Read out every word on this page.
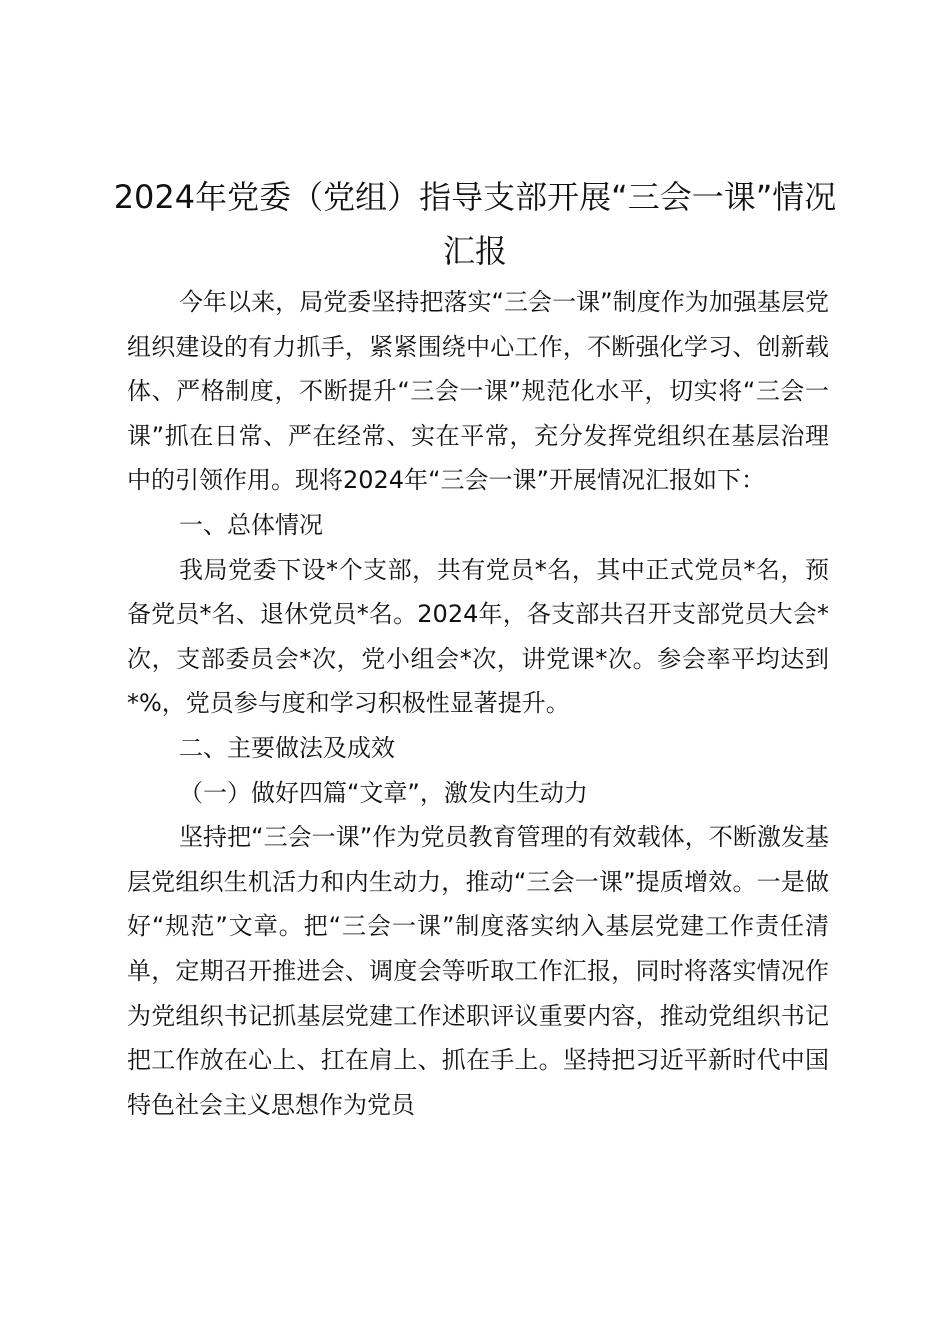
2024年党委（党组）指导支部开展“三会一课”情况汇报

今年以来，局党委坚持把落实“三会一课”制度作为加强基层党组织建设的有力抓手，紧紧围绕中心工作，不断强化学习、创新载体、严格制度，不断提升“三会一课”规范化水平，切实将“三会一课”抓在日常、严在经常、实在平常，充分发挥党组织在基层治理中的引领作用。现将2024年“三会一课”开展情况汇报如下：

一、总体情况

我局党委下设*个支部，共有党员*名，其中正式党员*名，预备党员*名、退休党员*名。2024年，各支部共召开支部党员大会*次，支部委员会*次，党小组会*次，讲党课*次。参会率平均达到*%，党员参与度和学习积极性显著提升。

二、主要做法及成效

（一）做好四篇“文章”，激发内生动力

坚持把“三会一课”作为党员教育管理的有效载体，不断激发基层党组织生机活力和内生动力，推动“三会一课”提质增效。一是做好“规范”文章。把“三会一课”制度落实纳入基层党建工作责任清单，定期召开推进会、调度会等听取工作汇报，同时将落实情况作为党组织书记抓基层党建工作述职评议重要内容，推动党组织书记把工作放在心上、扛在肩上、抓在手上。坚持把习近平新时代中国特色社会主义思想作为党员
